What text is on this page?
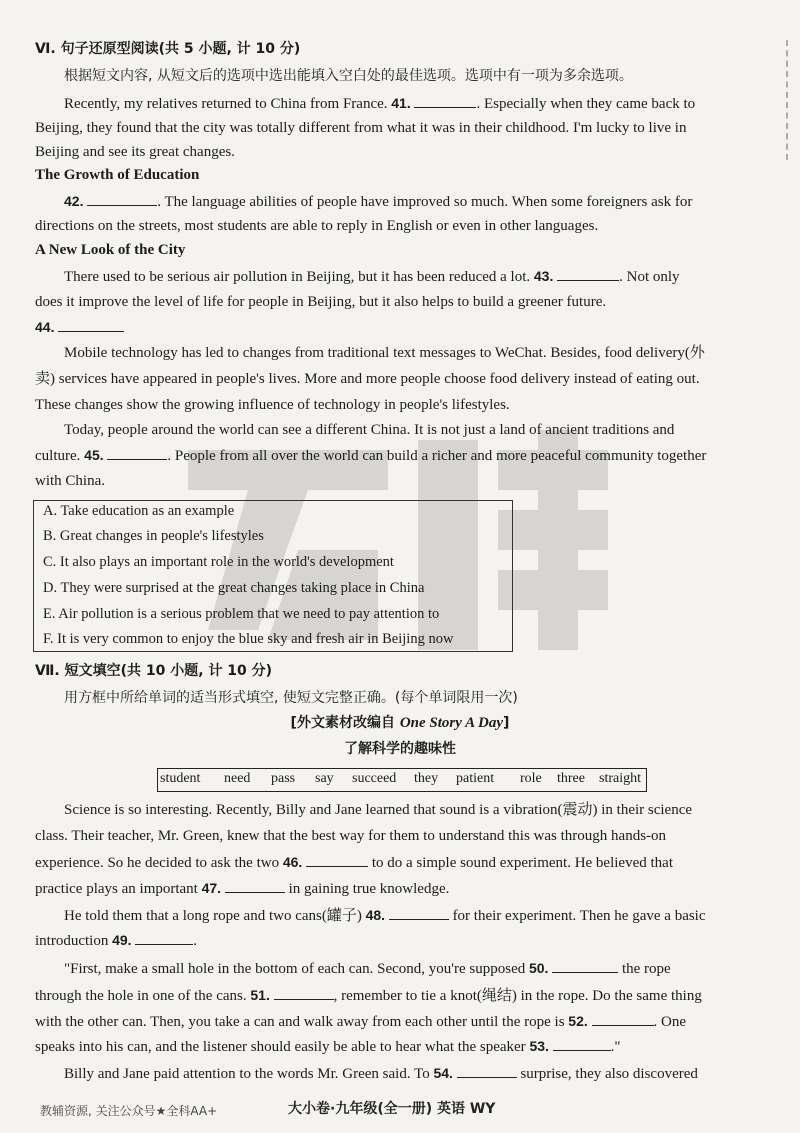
Ⅵ. 句子还原型阅读(共 5 小题, 计 10 分)
根据短文内容, 从短文后的选项中选出能填入空白处的最佳选项。选项中有一项为多余选项。
Recently, my relatives returned to China from France. 41.	. Especially when they came back to
Beijing, they found that the city was totally different from what it was in their childhood. I'm lucky to live in
Beijing and see its great changes.
The Growth of Education
42.	. The language abilities of people have improved so much. When some foreigners ask for
directions on the streets, most students are able to reply in English or even in other languages.
A New Look of the City
There used to be serious air pollution in Beijing, but it has been reduced a lot. 43.	. Not only
does it improve the level of life for people in Beijing, but it also helps to build a greener future.
44.
Mobile technology has led to changes from traditional text messages to WeChat. Besides, food delivery(外
卖) services have appeared in people's lives. More and more people choose food delivery instead of eating out.
These changes show the growing influence of technology in people's lifestyles.
Today, people around the world can see a different China. It is not just a land of ancient traditions and
culture. 45.	. People from all over the world can build a richer and more peaceful community together
with China.
A. Take education as an example
B. Great changes in people's lifestyles
C. It also plays an important role in the world's development
D. They were surprised at the great changes taking place in China
E. Air pollution is a serious problem that we need to pay attention to
F. It is very common to enjoy the blue sky and fresh air in Beijing now
Ⅶ. 短文填空(共 10 小题, 计 10 分)
用方框中所给单词的适当形式填空, 使短文完整正确。(每个单词限用一次)
[外文素材改编自 One Story A Day]
了解科学的趣味性
student need pass say succeed they patient role three straight
Science is so interesting. Recently, Billy and Jane learned that sound is a vibration(震动) in their science
class. Their teacher, Mr. Green, knew that the best way for them to understand this was through hands-on
experience. So he decided to ask the two 46.	to do a simple sound experiment. He believed that
practice plays an important 47.	in gaining true knowledge.
He told them that a long rope and two cans(罐子) 48.	for their experiment. Then he gave a basic
introduction 49.	.
"First, make a small hole in the bottom of each can. Second, you're supposed 50.	the rope
through the hole in one of the cans. 51.	, remember to tie a knot(绳结) in the rope. Do the same thing
with the other can. Then, you take a can and walk away from each other until the rope is 52.	. One
speaks into his can, and the listener should easily be able to hear what the speaker 53.	."
Billy and Jane paid attention to the words Mr. Green said. To 54.	surprise, they also discovered
教辅资源, 关注公众号★全科AA+	大小卷·九年级(全一册) 英语 WY
